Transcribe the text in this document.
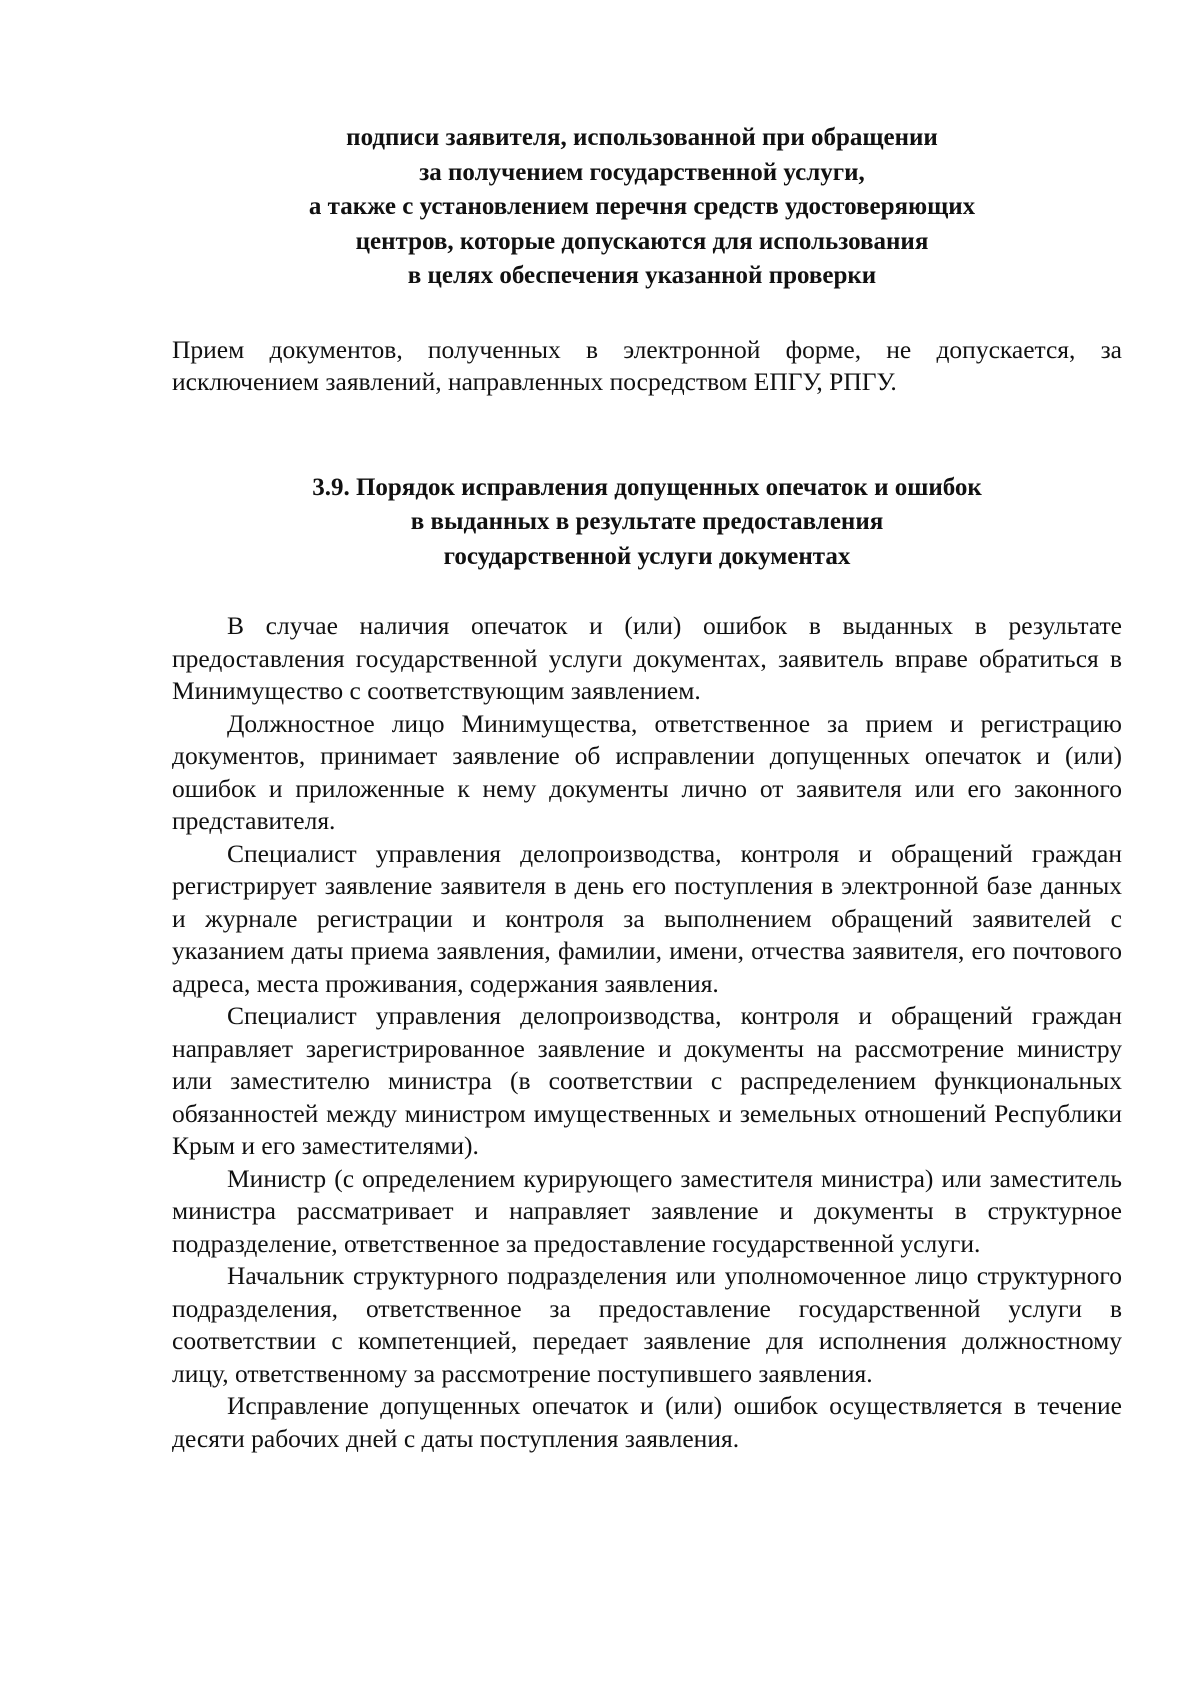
подписи заявителя, использованной при обращении
за получением государственной услуги,
а также с установлением перечня средств удостоверяющих
центров, которые допускаются для использования
в целях обеспечения указанной проверки

Прием документов, полученных в электронной форме, не допускается, за исключением заявлений, направленных посредством ЕПГУ, РПГУ.

3.9. Порядок исправления допущенных опечаток и ошибок
в выданных в результате предоставления
государственной услуги документах

В случае наличия опечаток и (или) ошибок в выданных в результате предоставления государственной услуги документах, заявитель вправе обратиться в Минимущество с соответствующим заявлением.

Должностное лицо Минимущества, ответственное за прием и регистрацию документов, принимает заявление об исправлении допущенных опечаток и (или) ошибок и приложенные к нему документы лично от заявителя или его законного представителя.

Специалист управления делопроизводства, контроля и обращений граждан регистрирует заявление заявителя в день его поступления в электронной базе данных и журнале регистрации и контроля за выполнением обращений заявителей с указанием даты приема заявления, фамилии, имени, отчества заявителя, его почтового адреса, места проживания, содержания заявления.

Специалист управления делопроизводства, контроля и обращений граждан направляет зарегистрированное заявление и документы на рассмотрение министру или заместителю министра (в соответствии с распределением функциональных обязанностей между министром имущественных и земельных отношений Республики Крым и его заместителями).

Министр (с определением курирующего заместителя министра) или заместитель министра рассматривает и направляет заявление и документы в структурное подразделение, ответственное за предоставление государственной услуги.

Начальник структурного подразделения или уполномоченное лицо структурного подразделения, ответственное за предоставление государственной услуги в соответствии с компетенцией, передает заявление для исполнения должностному лицу, ответственному за рассмотрение поступившего заявления.

Исправление допущенных опечаток и (или) ошибок осуществляется в течение десяти рабочих дней с даты поступления заявления.
